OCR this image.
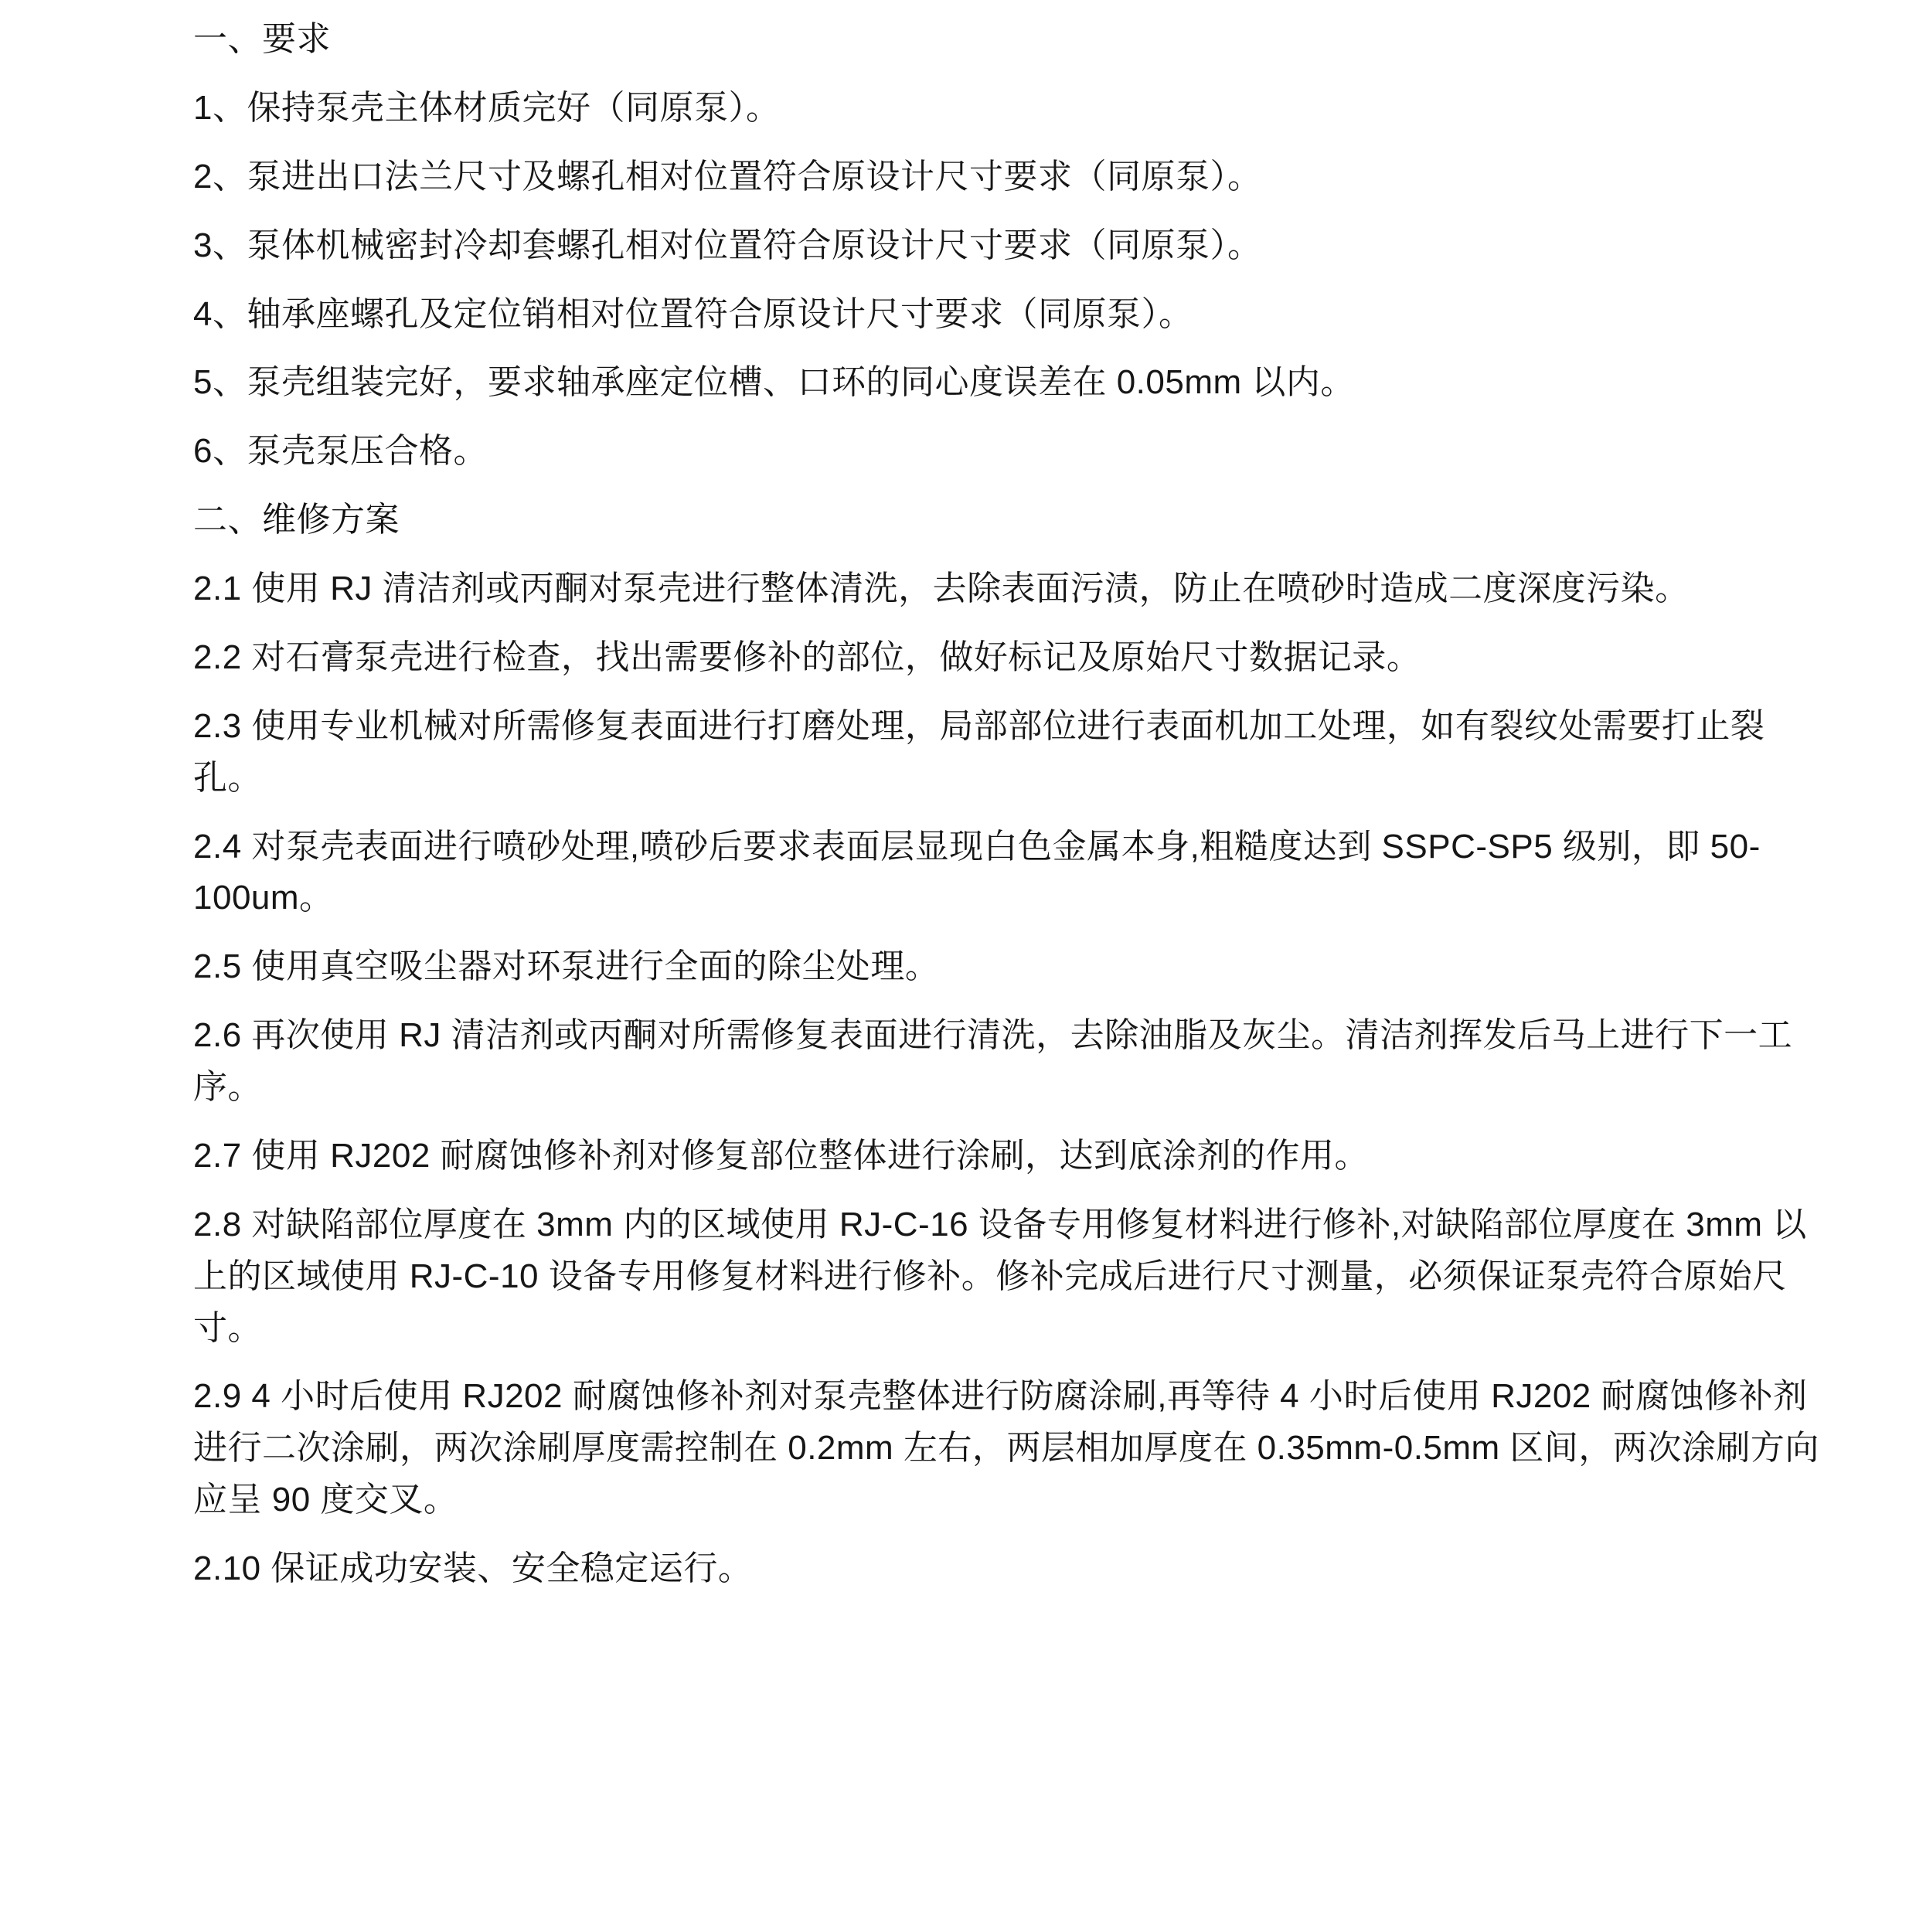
一、要求

1、保持泵壳主体材质完好（同原泵）。

2、泵进出口法兰尺寸及螺孔相对位置符合原设计尺寸要求（同原泵）。

3、泵体机械密封冷却套螺孔相对位置符合原设计尺寸要求（同原泵）。

4、轴承座螺孔及定位销相对位置符合原设计尺寸要求（同原泵）。

5、泵壳组装完好，要求轴承座定位槽、口环的同心度误差在 0.05mm 以内。

6、泵壳泵压合格。

二、维修方案

2.1 使用 RJ 清洁剂或丙酮对泵壳进行整体清洗，去除表面污渍，防止在喷砂时造成二度深度污染。

2.2 对石膏泵壳进行检查，找出需要修补的部位，做好标记及原始尺寸数据记录。

2.3 使用专业机械对所需修复表面进行打磨处理，局部部位进行表面机加工处理，如有裂纹处需要打止裂孔。

2.4 对泵壳表面进行喷砂处理,喷砂后要求表面层显现白色金属本身,粗糙度达到 SSPC-SP5 级别，即 50-100um。

2.5 使用真空吸尘器对环泵进行全面的除尘处理。

2.6 再次使用 RJ 清洁剂或丙酮对所需修复表面进行清洗，去除油脂及灰尘。清洁剂挥发后马上进行下一工序。

2.7 使用 RJ202 耐腐蚀修补剂对修复部位整体进行涂刷，达到底涂剂的作用。

2.8 对缺陷部位厚度在 3mm 内的区域使用 RJ-C-16 设备专用修复材料进行修补,对缺陷部位厚度在 3mm 以上的区域使用 RJ-C-10 设备专用修复材料进行修补。修补完成后进行尺寸测量，必须保证泵壳符合原始尺寸。

2.9 4 小时后使用 RJ202 耐腐蚀修补剂对泵壳整体进行防腐涂刷,再等待 4 小时后使用 RJ202 耐腐蚀修补剂进行二次涂刷，两次涂刷厚度需控制在 0.2mm 左右，两层相加厚度在 0.35mm-0.5mm 区间，两次涂刷方向应呈 90 度交叉。

2.10 保证成功安装、安全稳定运行。
